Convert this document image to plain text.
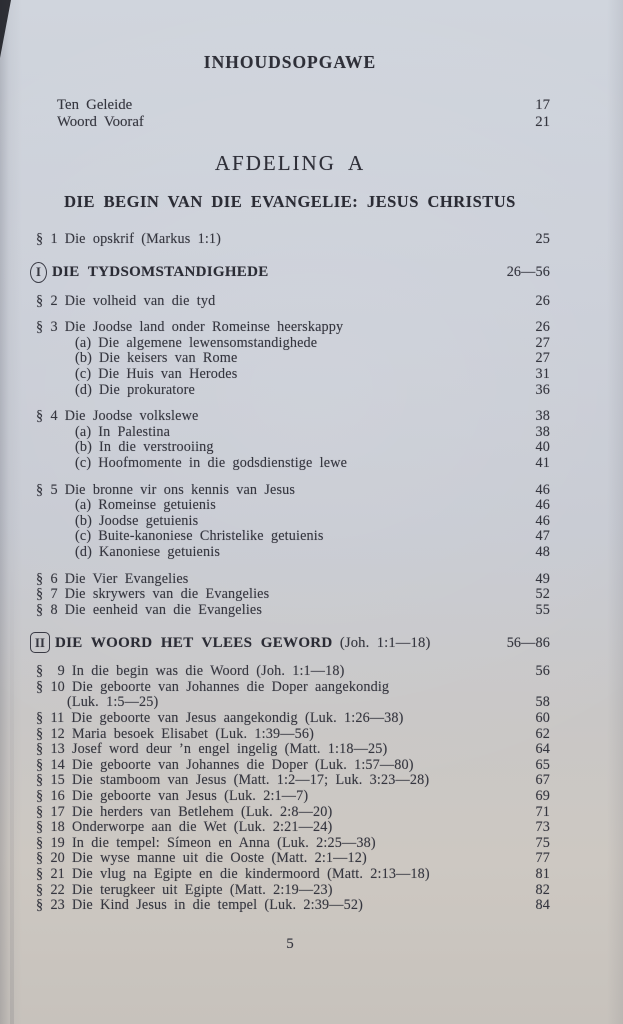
INHOUDSOPGAWE
Ten Geleide	17
Woord Vooraf	21
AFDELING A
DIE BEGIN VAN DIE EVANGELIE: JESUS CHRISTUS
§ 1 Die opskrif (Markus 1:1)	25
I DIE TYDSOMSTANDIGHEDE	26—56
§ 2 Die volheid van die tyd	26
§ 3 Die Joodse land onder Romeinse heerskappy	26
(a) Die algemene lewensomstandighede	27
(b) Die keisers van Rome	27
(c) Die Huis van Herodes	31
(d) Die prokuratore	36
§ 4 Die Joodse volkslewe	38
(a) In Palestina	38
(b) In die verstrooiing	40
(c) Hoofmomente in die godsdienstige lewe	41
§ 5 Die bronne vir ons kennis van Jesus	46
(a) Romeinse getuienis	46
(b) Joodse getuienis	46
(c) Buite-kanoniese Christelike getuienis	47
(d) Kanoniese getuienis	48
§ 6 Die Vier Evangelies	49
§ 7 Die skrywers van die Evangelies	52
§ 8 Die eenheid van die Evangelies	55
II DIE WOORD HET VLEES GEWORD (Joh. 1:1—18)	56—86
§  9 In die begin was die Woord (Joh. 1:1—18)	56
§ 10 Die geboorte van Johannes die Doper aangekondig
(Luk. 1:5—25)	58
§ 11 Die geboorte van Jesus aangekondig (Luk. 1:26—38)	60
§ 12 Maria besoek Elisabet (Luk. 1:39—56)	62
§ 13 Josef word deur ’n engel ingelig (Matt. 1:18—25)	64
§ 14 Die geboorte van Johannes die Doper (Luk. 1:57—80)	65
§ 15 Die stamboom van Jesus (Matt. 1:2—17; Luk. 3:23—28)	67
§ 16 Die geboorte van Jesus (Luk. 2:1—7)	69
§ 17 Die herders van Betlehem (Luk. 2:8—20)	71
§ 18 Onderworpe aan die Wet (Luk. 2:21—24)	73
§ 19 In die tempel: Símeon en Anna (Luk. 2:25—38)	75
§ 20 Die wyse manne uit die Ooste (Matt. 2:1—12)	77
§ 21 Die vlug na Egipte en die kindermoord (Matt. 2:13—18)	81
§ 22 Die terugkeer uit Egipte (Matt. 2:19—23)	82
§ 23 Die Kind Jesus in die tempel (Luk. 2:39—52)	84
5
